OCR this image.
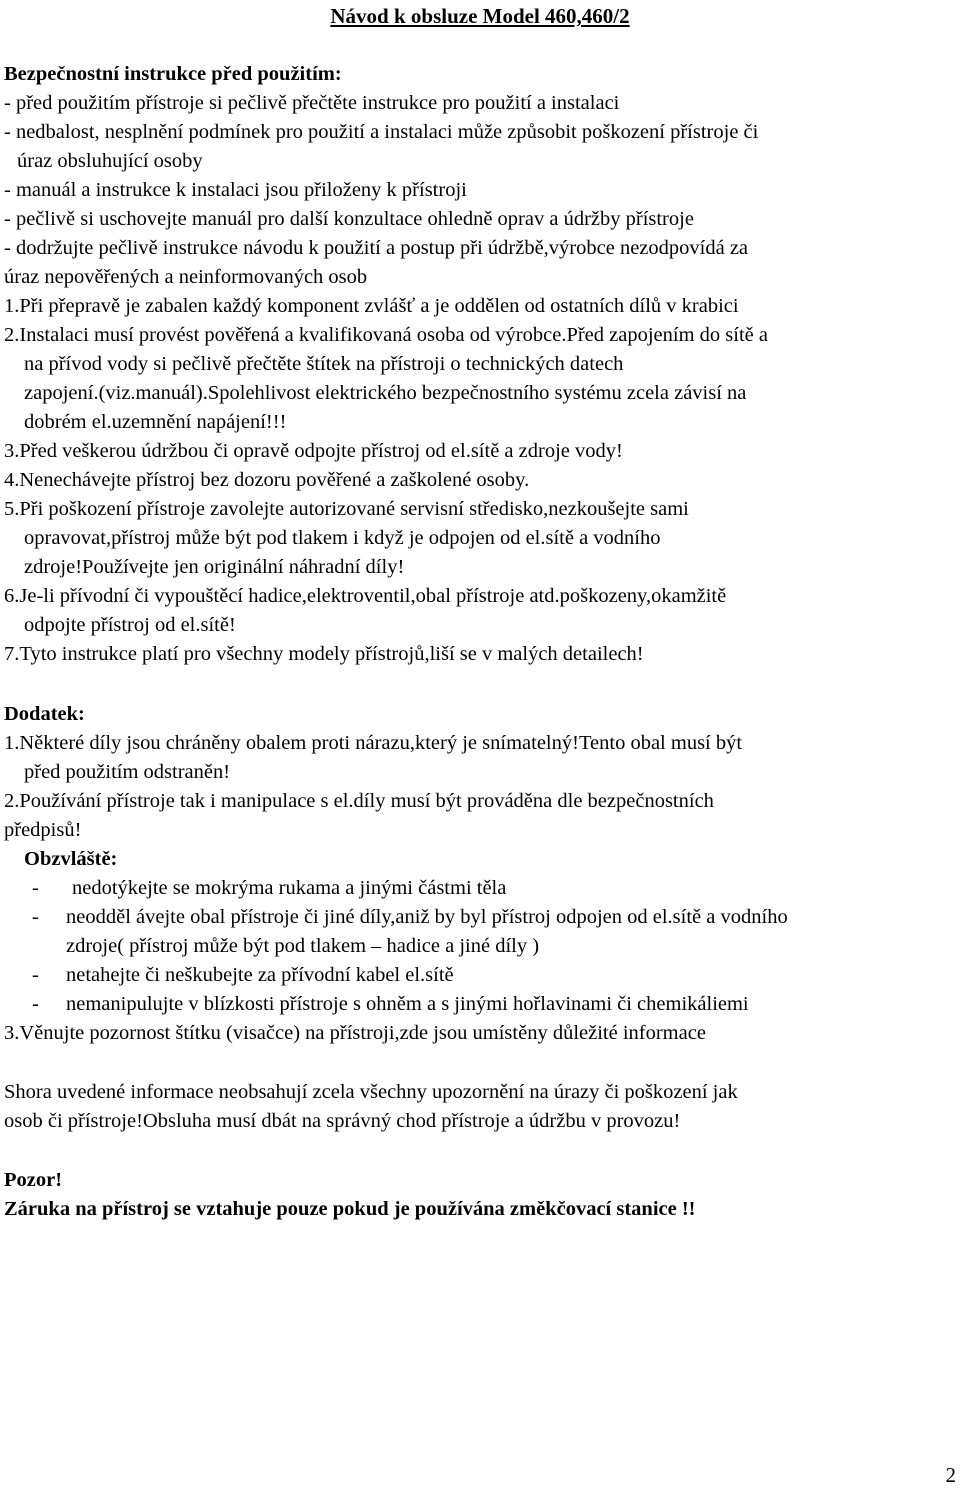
Návod k obsluze Model 460,460/2
Bezpečnostní instrukce před použitím:
- před použitím přístroje si pečlivě přečtěte instrukce pro použití a instalaci
- nedbalost, nesplnění podmínek pro použití a instalaci může způsobit poškození přístroje či
úraz obsluhující osoby
- manuál a instrukce k instalaci jsou přiloženy k přístroji
- pečlivě si uschovejte manuál pro další konzultace ohledně oprav a údržby přístroje
- dodržujte pečlivě instrukce návodu k použití a postup při údržbě,výrobce nezodpovídá za
úraz nepověřených a neinformovaných osob
1.Při přepravě je zabalen každý komponent zvlášť a je oddělen od ostatních dílů v krabici
2.Instalaci musí provést pověřená a kvalifikovaná osoba od výrobce.Před zapojením do sítě a
na přívod vody si pečlivě přečtěte štítek na přístroji o technických datech
zapojení.(viz.manuál).Spolehlivost elektrického bezpečnostního systému zcela závisí na
dobrém el.uzemnění napájení!!!
3.Před veškerou údržbou či opravě odpojte přístroj od el.sítě a zdroje vody!
4.Nenechávejte přístroj bez dozoru pověřené a zaškolené osoby.
5.Při poškození přístroje zavolejte autorizované servisní středisko,nezkoušejte sami
opravovat,přístroj může být pod tlakem i když je odpojen od el.sítě a vodního
zdroje!Používejte jen originální náhradní díly!
6.Je-li přívodní či vypouštěcí hadice,elektroventil,obal přístroje atd.poškozeny,okamžitě
odpojte přístroj od el.sítě!
7.Tyto instrukce platí pro všechny modely přístrojů,liší se v malých detailech!
Dodatek:
1.Některé díly jsou chráněny obalem proti nárazu,který je snímatelný!Tento obal musí být
před použitím odstraněn!
2.Používání přístroje tak i manipulace s el.díly musí být prováděna dle bezpečnostních
předpisů!
Obzvláště:
- nedotýkejte se mokrýma rukama a jinými částmi těla
- neodděl ávejte obal přístroje či jiné díly,aniž by byl přístroj odpojen od el.sítě a vodního
zdroje( přístroj může být pod tlakem – hadice a jiné díly )
- netahejte či neškubejte za přívodní kabel el.sítě
- nemanipulujte v blízkosti přístroje s ohněm a s jinými hořlavinami či chemikáliemi
3.Věnujte pozornost štítku (visačce) na přístroji,zde jsou umístěny důležité informace
Shora uvedené informace neobsahují zcela všechny upozornění na úrazy či poškození jak
osob či přístroje!Obsluha musí dbát na správný chod přístroje a údržbu v provozu!
Pozor!
Záruka na přístroj se vztahuje pouze pokud je používána změkčovací stanice !!
2
